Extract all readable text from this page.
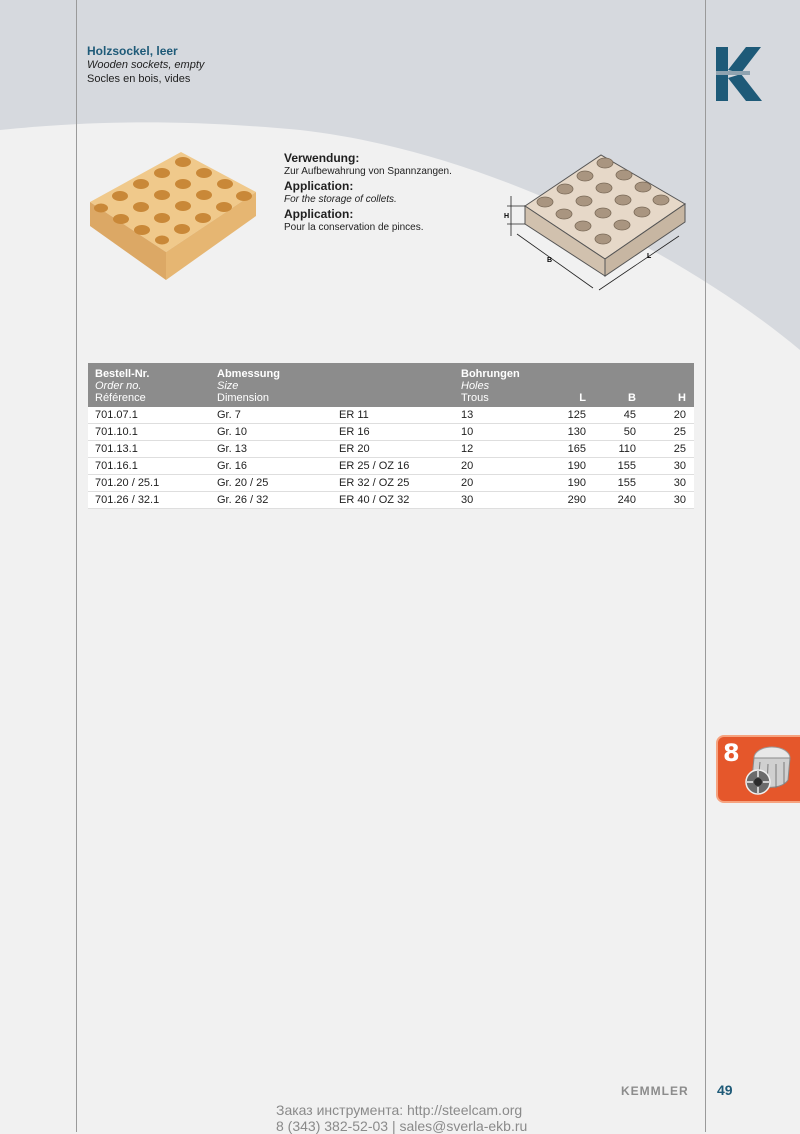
Holzsockel, leer
Wooden sockets, empty
Socles en bois, vides
Verwendung:
Zur Aufbewahrung von Spannzangen.
Application:
For the storage of collets.
Application:
Pour la conservation de pinces.
H
B
L
Bestell-Nr.
Order no.
Référence	Abmessung
Size
Dimension		Bohrungen
Holes
Trous	L	B	H
701.07.1	Gr. 7	ER 11	13	125	45	20
701.10.1	Gr. 10	ER 16	10	130	50	25
701.13.1	Gr. 13	ER 20	12	165	110	25
701.16.1	Gr. 16	ER 25 / OZ 16	20	190	155	30
701.20 / 25.1	Gr. 20 / 25	ER 32 / OZ 25	20	190	155	30
701.26 / 32.1	Gr. 26 / 32	ER 40 / OZ 32	30	290	240	30
8
KEMMLER 49
Заказ инструмента: http://steelcam.org
8 (343) 382-52-03 | sales@sverla-ekb.ru
